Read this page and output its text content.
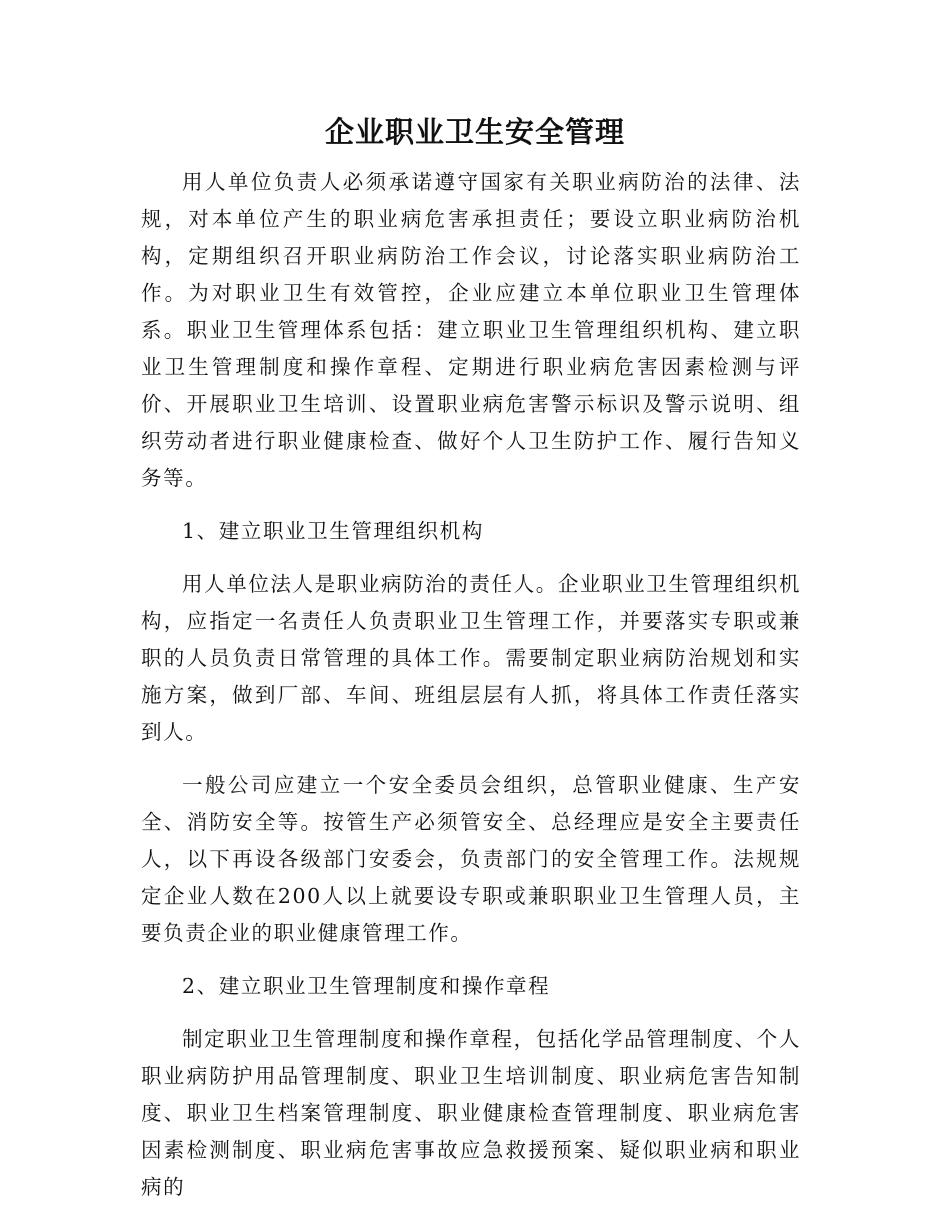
企业职业卫生安全管理

用人单位负责人必须承诺遵守国家有关职业病防治的法律、法规，对本单位产生的职业病危害承担责任；要设立职业病防治机构，定期组织召开职业病防治工作会议，讨论落实职业病防治工作。为对职业卫生有效管控，企业应建立本单位职业卫生管理体系。职业卫生管理体系包括：建立职业卫生管理组织机构、建立职业卫生管理制度和操作章程、定期进行职业病危害因素检测与评价、开展职业卫生培训、设置职业病危害警示标识及警示说明、组织劳动者进行职业健康检查、做好个人卫生防护工作、履行告知义务等。

1、建立职业卫生管理组织机构

用人单位法人是职业病防治的责任人。企业职业卫生管理组织机构，应指定一名责任人负责职业卫生管理工作，并要落实专职或兼职的人员负责日常管理的具体工作。需要制定职业病防治规划和实施方案，做到厂部、车间、班组层层有人抓，将具体工作责任落实到人。

一般公司应建立一个安全委员会组织，总管职业健康、生产安全、消防安全等。按管生产必须管安全、总经理应是安全主要责任人，以下再设各级部门安委会，负责部门的安全管理工作。法规规定企业人数在200人以上就要设专职或兼职职业卫生管理人员，主要负责企业的职业健康管理工作。

2、建立职业卫生管理制度和操作章程

制定职业卫生管理制度和操作章程，包括化学品管理制度、个人职业病防护用品管理制度、职业卫生培训制度、职业病危害告知制度、职业卫生档案管理制度、职业健康检查管理制度、职业病危害因素检测制度、职业病危害事故应急救援预案、疑似职业病和职业病的
